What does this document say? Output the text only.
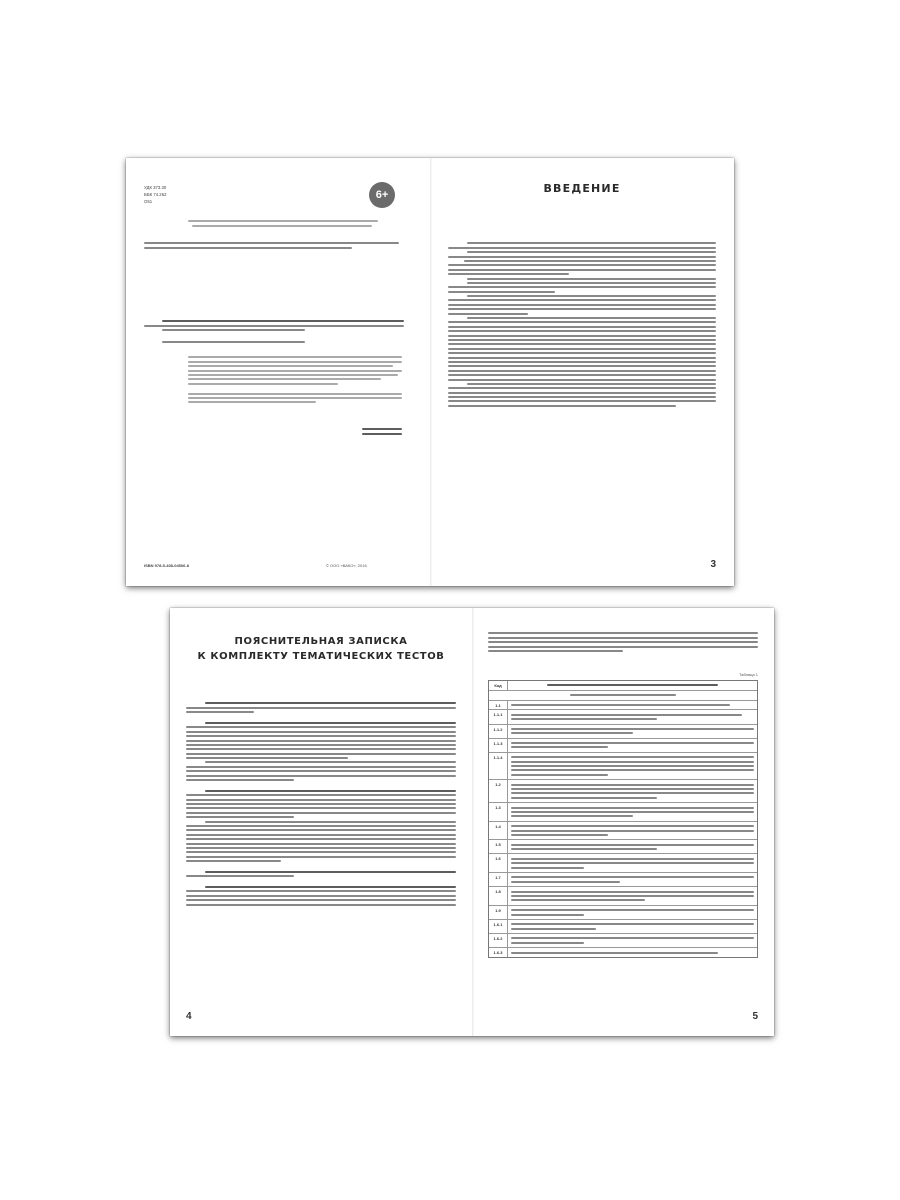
УДК 373.30
ББК 74.262
О51
6+
ISBN 978-5-408-04506-8	© ООО «ВАКО», 2016
ВВЕДЕНИЕ
3
ПОЯСНИТЕЛЬНАЯ ЗАПИСКА
К КОМПЛЕКТУ ТЕМАТИЧЕСКИХ ТЕСТОВ
4
Таблица 1
Код
1.1
1.1.1
1.1.2
1.1.3
1.1.4
1.2
1.3
1.4
1.5
1.6
1.7
1.8
1.9
1.6.1
1.6.2
1.6.3
5
